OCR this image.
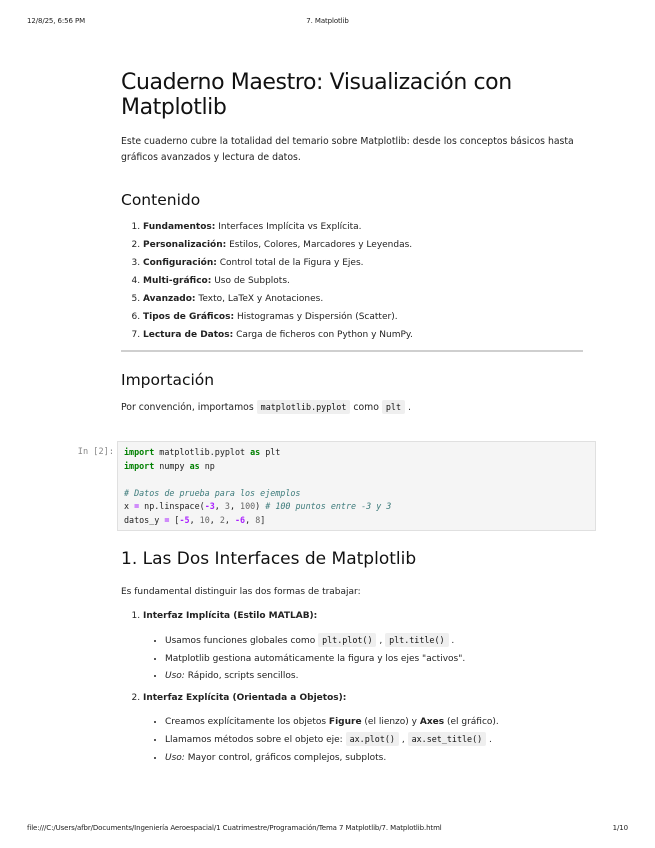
12/8/25, 6:56 PM	7. Matplotlib
Cuaderno Maestro: Visualización con Matplotlib

Este cuaderno cubre la totalidad del temario sobre Matplotlib: desde los conceptos básicos hasta gráficos avanzados y lectura de datos.

Contenido
1. Fundamentos: Interfaces Implícita vs Explícita.
2. Personalización: Estilos, Colores, Marcadores y Leyendas.
3. Configuración: Control total de la Figura y Ejes.
4. Multi-gráfico: Uso de Subplots.
5. Avanzado: Texto, LaTeX y Anotaciones.
6. Tipos de Gráficos: Histogramas y Dispersión (Scatter).
7. Lectura de Datos: Carga de ficheros con Python y NumPy.
Importación

Por convención, importamos matplotlib.pyplot como plt .

In [2]:	import matplotlib.pyplot as plt
import numpy as np

# Datos de prueba para los ejemplos
x = np.linspace(-3, 3, 100) # 100 puntos entre -3 y 3
datos_y = [-5, 10, 2, -6, 8]
1. Las Dos Interfaces de Matplotlib

Es fundamental distinguir las dos formas de trabajar:

1. Interfaz Implícita (Estilo MATLAB):
• Usamos funciones globales como plt.plot() , plt.title() .
• Matplotlib gestiona automáticamente la figura y los ejes "activos".
• Uso: Rápido, scripts sencillos.
2. Interfaz Explícita (Orientada a Objetos):
• Creamos explícitamente los objetos Figure (el lienzo) y Axes (el gráfico).
• Llamamos métodos sobre el objeto eje: ax.plot() , ax.set_title() .
• Uso: Mayor control, gráficos complejos, subplots.
file:///C:/Users/afbr/Documents/Ingeniería Aeroespacial/1 Cuatrimestre/Programación/Tema 7 Matplotlib/7. Matplotlib.html	1/10
